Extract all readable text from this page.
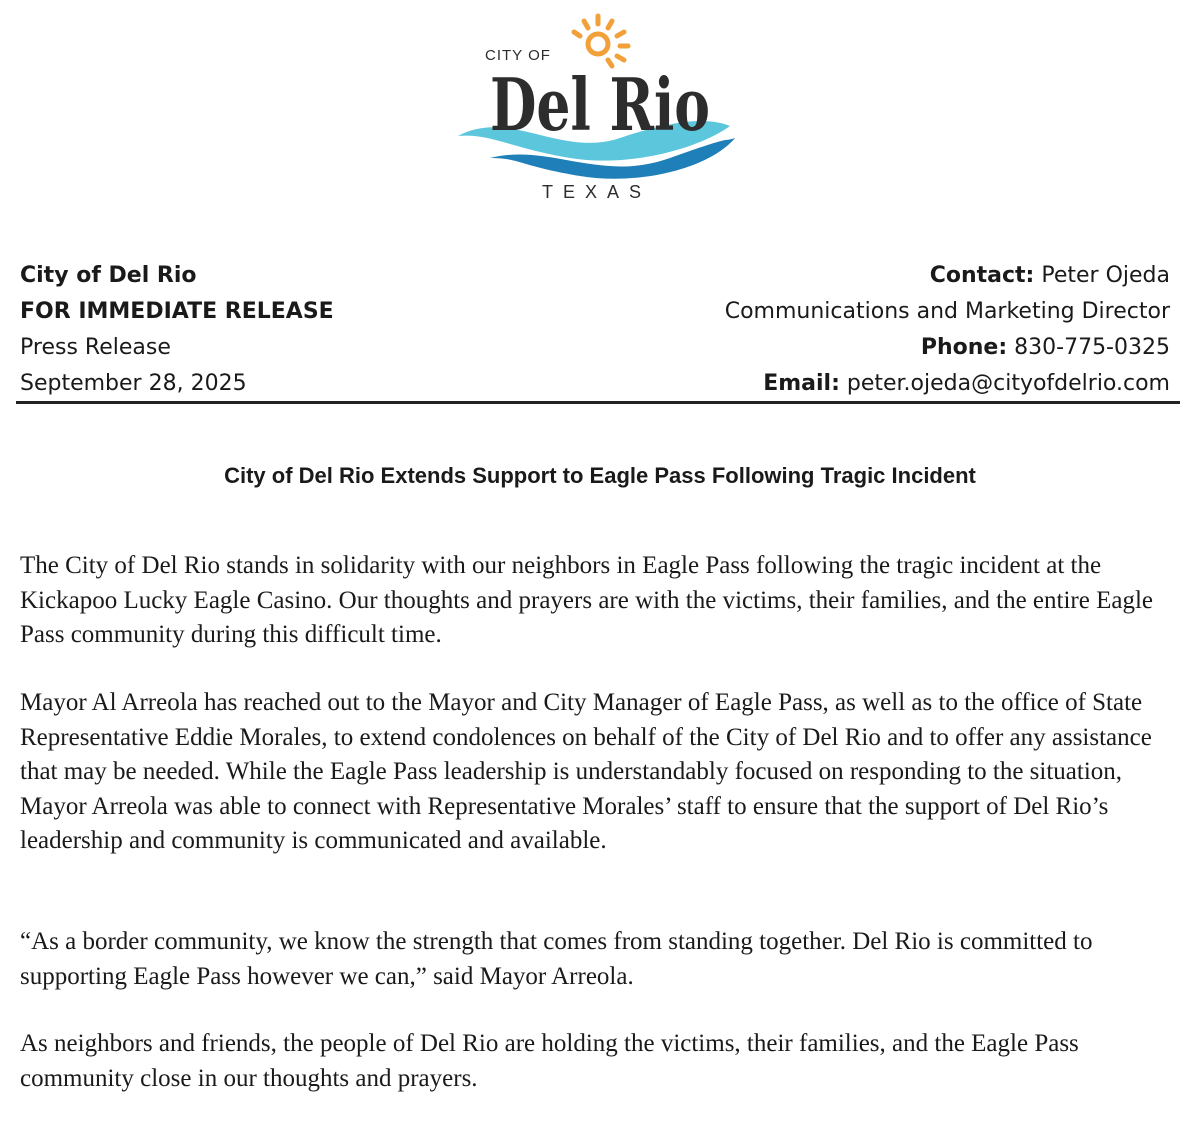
CITY OF
Del Rio
TEXAS
City of Del Rio
FOR IMMEDIATE RELEASE
Press Release
September 28, 2025
Contact: Peter Ojeda
Communications and Marketing Director
Phone: 830-775-0325
Email: peter.ojeda@cityofdelrio.com
City of Del Rio Extends Support to Eagle Pass Following Tragic Incident

The City of Del Rio stands in solidarity with our neighbors in Eagle Pass following the tragic incident at the Kickapoo Lucky Eagle Casino. Our thoughts and prayers are with the victims, their families, and the entire Eagle Pass community during this difficult time.

Mayor Al Arreola has reached out to the Mayor and City Manager of Eagle Pass, as well as to the office of State Representative Eddie Morales, to extend condolences on behalf of the City of Del Rio and to offer any assistance that may be needed. While the Eagle Pass leadership is understandably focused on responding to the situation, Mayor Arreola was able to connect with Representative Morales’ staff to ensure that the support of Del Rio’s leadership and community is communicated and available.

“As a border community, we know the strength that comes from standing together. Del Rio is committed to supporting Eagle Pass however we can,” said Mayor Arreola.

As neighbors and friends, the people of Del Rio are holding the victims, their families, and the Eagle Pass community close in our thoughts and prayers.
